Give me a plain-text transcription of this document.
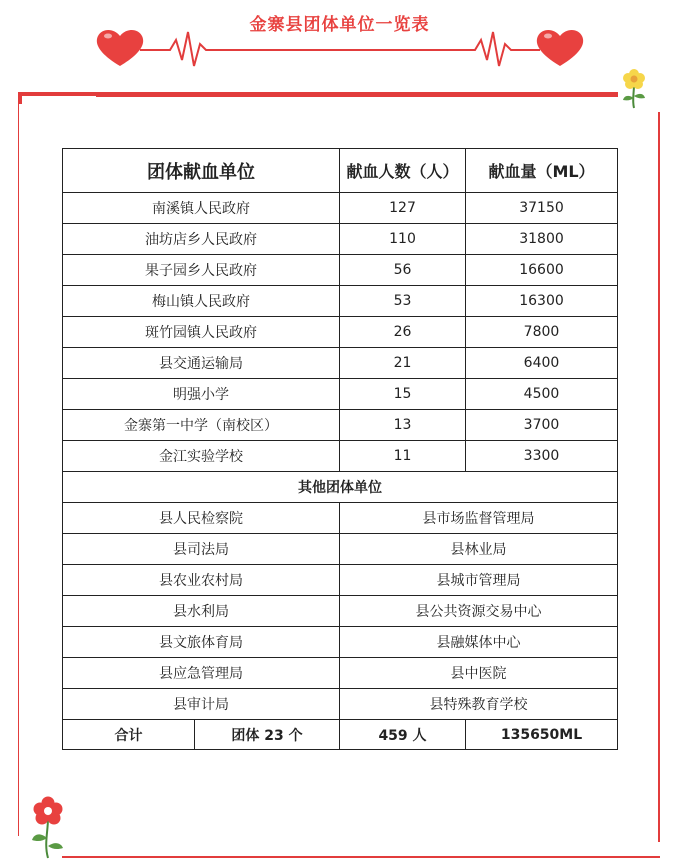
金寨县团体单位一览表
团体献血单位		献血人数（人）	献血量（ML）
南溪镇人民政府		127	37150
油坊店乡人民政府		110	31800
果子园乡人民政府		56	16600
梅山镇人民政府		53	16300
斑竹园镇人民政府		26	7800
县交通运输局		21	6400
明强小学		15	4500
金寨第一中学（南校区）		13	3700
金江实验学校		11	3300
其他团体单位			
县人民检察院		县市场监督管理局	
县司法局		县林业局	
县农业农村局		县城市管理局	
县水利局		县公共资源交易中心	
县文旅体育局		县融媒体中心	
县应急管理局		县中医院	
县审计局		县特殊教育学校	
合计	团体 23 个	459 人	135650ML
